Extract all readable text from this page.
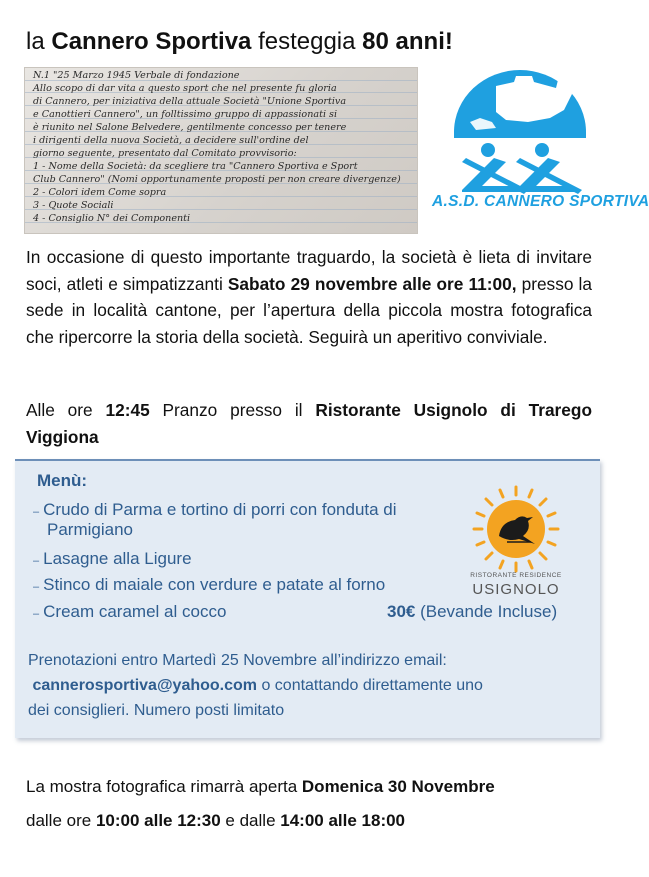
la Cannero Sportiva festeggia 80 anni!
N.1 "25 Marzo 1945 Verbale di fondazione
Allo scopo di dar vita a questo sport che nel presente fu gloria
di Cannero, per iniziativa della attuale Società "Unione Sportiva
e Canottieri Cannero", un folltissimo gruppo di appassionati si
è riunito nel Salone Belvedere, gentilmente concesso per tenere
i dirigenti della nuova Società, a decidere sull'ordine del
giorno seguente, presentato dal Comitato provvisorio:
1 - Nome della Società: da scegliere tra "Cannero Sportiva e Sport
Club Cannero" (Nomi opportunamente proposti per non creare divergenze)
2 - Colori idem Come sopra
3 - Quote Sociali
4 - Consiglio N° dei Componenti
A.S.D. CANNERO SPORTIVA
In occasione di questo importante traguardo, la società è lieta di invitare soci, atleti e simpatizzanti Sabato 29 novembre alle ore 11:00, presso la sede in località cantone, per l’apertura della piccola mostra fotografica che ripercorre la storia della società. Seguirà un aperitivo conviviale.
Alle ore 12:45 Pranzo presso il Ristorante Usignolo di Trarego Viggiona
Menù:
– Crudo di Parma e tortino di porri con fonduta di
Parmigiano
– Lasagne alla Ligure
– Stinco di maiale con verdure e patate al forno
– Cream caramel al cocco	30€ (Bevande Incluse)
RISTORANTE RESIDENCE
USIGNOLO
Prenotazioni entro Martedì 25 Novembre all’indirizzo email:
cannerosportiva@yahoo.com o contattando direttamente uno
dei consiglieri. Numero posti limitato
La mostra fotografica rimarrà aperta Domenica 30 Novembre
dalle ore 10:00 alle 12:30 e dalle 14:00 alle 18:00
